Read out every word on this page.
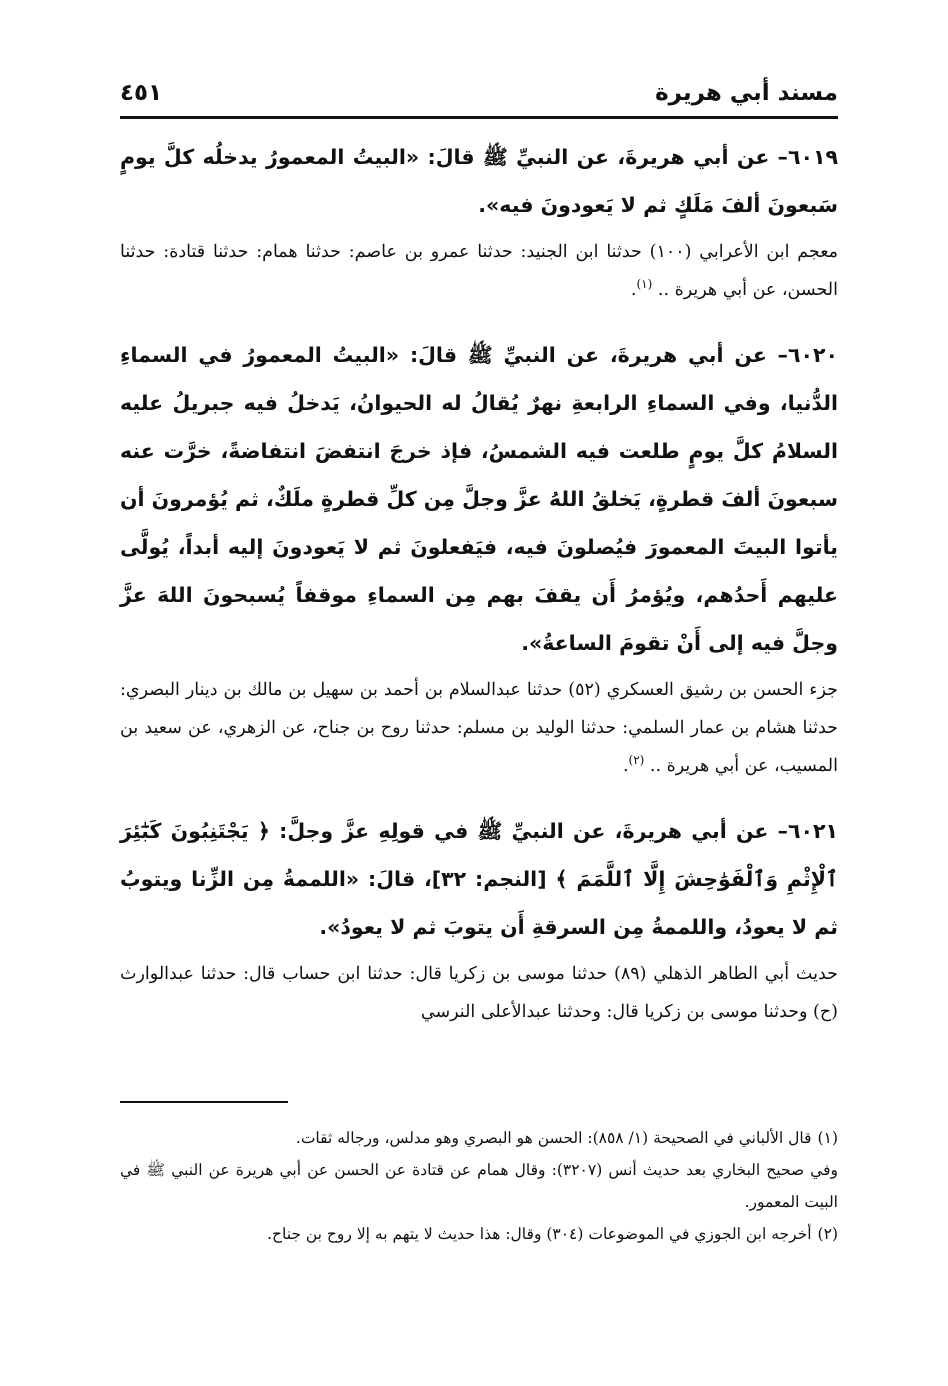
مسند أبي هريرة
٤٥١

٦٠١٩– عن أبي هريرةَ، عن النبيِّ ﷺ قالَ: «البيتُ المعمورُ يدخلُه كلَّ يومٍ سَبعونَ ألفَ مَلَكٍ ثم لا يَعودونَ فيه».

معجم ابن الأعرابي (١٠٠) حدثنا ابن الجنيد: حدثنا عمرو بن عاصم: حدثنا همام: حدثنا قتادة: حدثنا الحسن، عن أبي هريرة .. $^{(١)}$.

٦٠٢٠– عن أبي هريرةَ، عن النبيِّ ﷺ قالَ: «البيتُ المعمورُ في السماءِ الدُّنيا، وفي السماءِ الرابعةِ نهرٌ يُقالُ له الحيوانُ، يَدخلُ فيه جبريلُ عليه السلامُ كلَّ يومٍ طلعت فيه الشمسُ، فإذ خرجَ انتفضَ انتفاضةً، خرَّت عنه سبعونَ ألفَ قطرةٍ، يَخلقُ اللهُ عزَّ وجلَّ مِن كلِّ قطرةٍ ملَكٌ، ثم يُؤمرونَ أن يأتوا البيتَ المعمورَ فيُصلونَ فيه، فيَفعلونَ ثم لا يَعودونَ إليه أبداً، يُولَّى عليهم أَحدُهم، ويُؤمرُ أَن يقفَ بهم مِن السماءِ موقفاً يُسبحونَ اللهَ عزَّ وجلَّ فيه إلى أَنْ تقومَ الساعةُ».

جزء الحسن بن رشيق العسكري (٥٢) حدثنا عبدالسلام بن أحمد بن سهيل بن مالك بن دينار البصري: حدثنا هشام بن عمار السلمي: حدثنا الوليد بن مسلم: حدثنا روح بن جناح، عن الزهري، عن سعيد بن المسيب، عن أبي هريرة .. $^{(٢)}$.

٦٠٢١– عن أبي هريرةَ، عن النبيِّ ﷺ في قولِهِ عزَّ وجلَّ: ﴿ يَجْتَنِبُونَ كَبَٰٓئِرَ ٱلْإِثْمِ وَٱلْفَوَٰحِشَ إِلَّا ٱللَّمَمَ ﴾ [النجم: ٣٢]، قالَ: «اللممةُ مِن الزِّنا ويتوبُ ثم لا يعودُ، واللممةُ مِن السرقةِ أَن يتوبَ ثم لا يعودُ».

حديث أبي الطاهر الذهلي (٨٩) حدثنا موسى بن زكريا قال: حدثنا ابن حساب قال: حدثنا عبدالوارث (ح) وحدثنا موسى بن زكريا قال: وحدثنا عبدالأعلى النرسي

(١)قال الألباني في الصحيحة (١/ ٨٥٨): الحسن هو البصري وهو مدلس، ورجاله ثقات.

وفي صحيح البخاري بعد حديث أنس (٣٢٠٧): وقال همام عن قتادة عن الحسن عن أبي هريرة عن النبي ﷺ في البيت المعمور.

(٢)أخرجه ابن الجوزي في الموضوعات (٣٠٤) وقال: هذا حديث لا يتهم به إلا روح بن جناح.
